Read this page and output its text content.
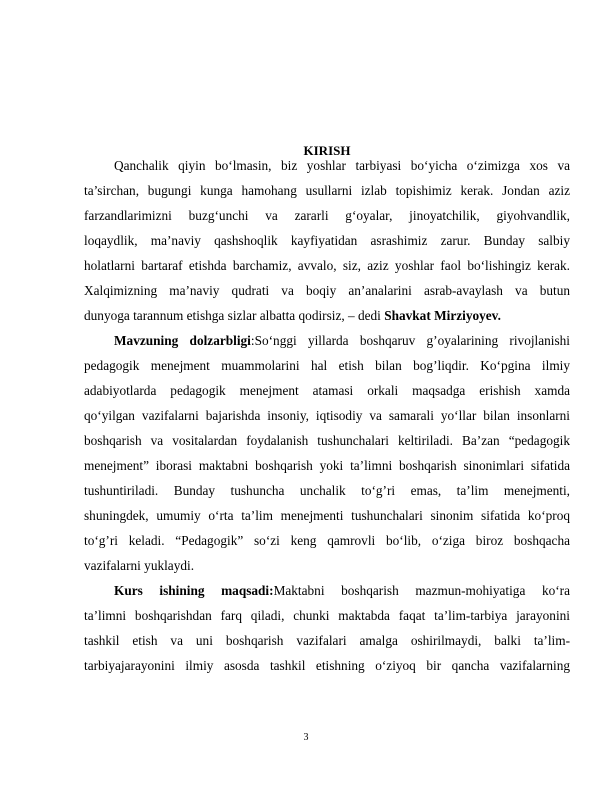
KIRISH
Qanchalik qiyin bo‘lmasin, biz yoshlar tarbiyasi bo‘yicha o‘zimizga xos va
ta’sirchan, bugungi kunga hamohang usullarni izlab topishimiz kerak. Jondan aziz
farzandlarimizni buzg‘unchi va zararli g‘oyalar, jinoyatchilik, giyohvandlik,
loqaydlik, ma’naviy qashshoqlik kayfiyatidan asrashimiz zarur. Bunday salbiy
holatlarni bartaraf etishda barchamiz, avvalo, siz, aziz yoshlar faol bo‘lishingiz kerak.
Xalqimizning ma’naviy qudrati va boqiy an’analarini asrab-avaylash va butun
dunyoga tarannum etishga sizlar albatta qodirsiz, – dedi Shavkat Mirziyoyev.
Mavzuning dolzarbligi:So‘nggi yillarda boshqaruv g’oyalarining rivojlanishi
pedagogik menejment muammolarini hal etish bilan bog’liqdir. Ko‘pgina ilmiy
adabiyotlarda pedagogik menejment atamasi orkali maqsadga erishish xamda
qo‘yilgan vazifalarni bajarishda insoniy, iqtisodiy va samarali yo‘llar bilan insonlarni
boshqarish va vositalardan foydalanish tushunchalari keltiriladi. Ba’zan “pedagogik
menejment” iborasi maktabni boshqarish yoki ta’limni boshqarish sinonimlari sifatida
tushuntiriladi. Bunday tushuncha unchalik to‘g’ri emas, ta’lim menejmenti,
shuningdek, umumiy o‘rta ta’lim menejmenti tushunchalari sinonim sifatida ko‘proq
to‘g’ri keladi. “Pedagogik” so‘zi keng qamrovli bo‘lib, o‘ziga biroz boshqacha
vazifalarni yuklaydi.
Kurs ishining maqsadi:Maktabni boshqarish mazmun-mohiyatiga ko‘ra
ta’limni boshqarishdan farq qiladi, chunki maktabda faqat ta’lim-tarbiya jarayonini
tashkil etish va uni boshqarish vazifalari amalga oshirilmaydi, balki ta’lim-
tarbiyajarayonini ilmiy asosda tashkil etishning o‘ziyoq bir qancha vazifalarning
3
